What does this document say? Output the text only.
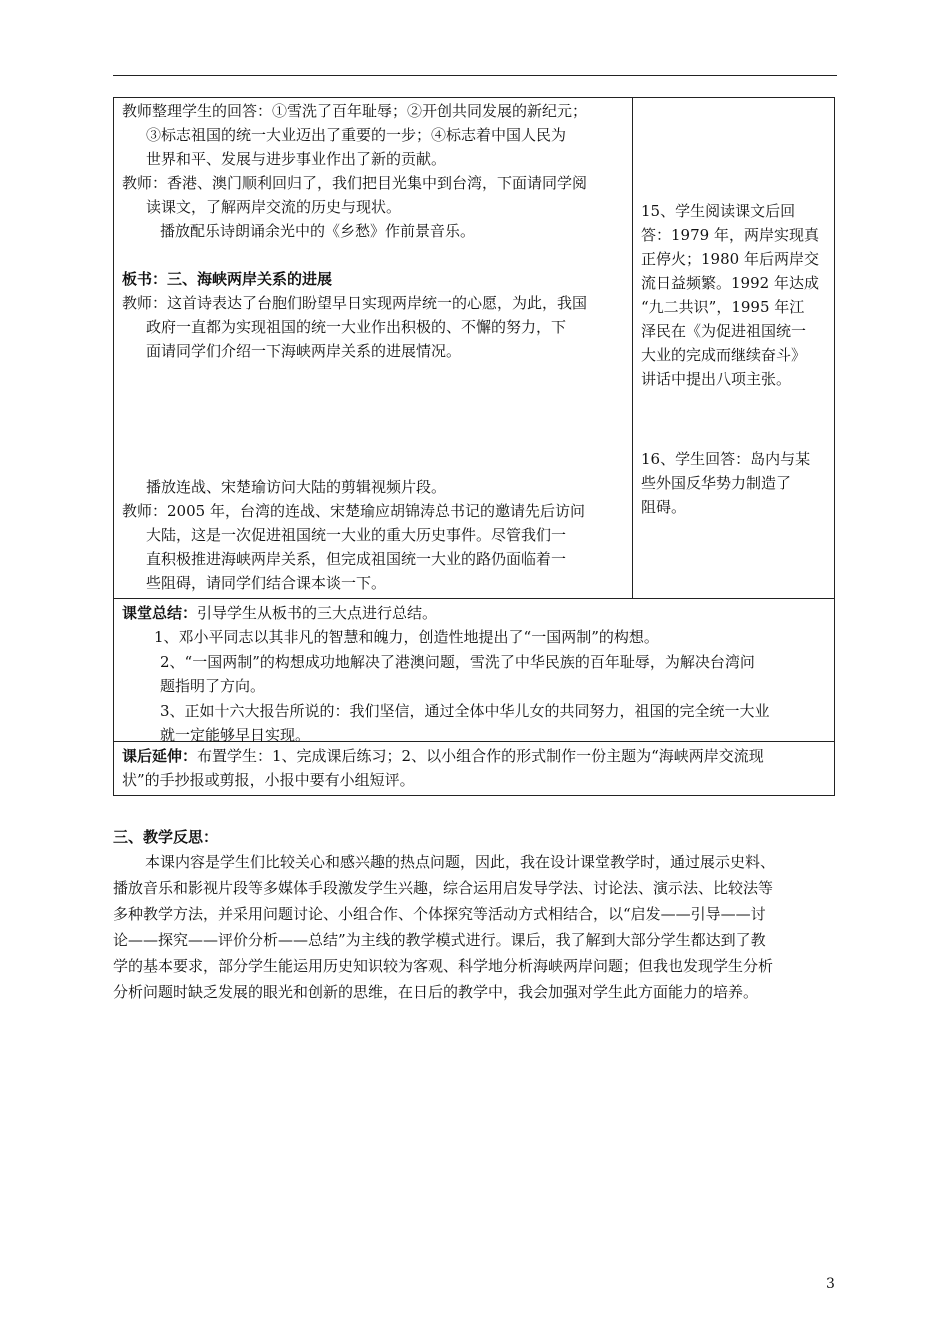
教师整理学生的回答：①雪洗了百年耻辱；②开创共同发展的新纪元；
③标志祖国的统一大业迈出了重要的一步；④标志着中国人民为
世界和平、发展与进步事业作出了新的贡献。
教师：香港、澳门顺利回归了，我们把目光集中到台湾，下面请同学阅
读课文，了解两岸交流的历史与现状。
播放配乐诗朗诵余光中的《乡愁》作前景音乐。
板书：三、海峡两岸关系的进展
教师：这首诗表达了台胞们盼望早日实现两岸统一的心愿，为此，我国
政府一直都为实现祖国的统一大业作出积极的、不懈的努力，下
面请同学们介绍一下海峡两岸关系的进展情况。
播放连战、宋楚瑜访问大陆的剪辑视频片段。
教师：2005 年，台湾的连战、宋楚瑜应胡锦涛总书记的邀请先后访问
大陆，这是一次促进祖国统一大业的重大历史事件。尽管我们一
直积极推进海峡两岸关系，但完成祖国统一大业的路仍面临着一
些阻碍，请同学们结合课本谈一下。
15、学生阅读课文后回
答：1979 年，两岸实现真
正停火；1980 年后两岸交
流日益频繁。1992 年达成
“九二共识”，1995 年江
泽民在《为促进祖国统一
大业的完成而继续奋斗》
讲话中提出八项主张。
16、学生回答：岛内与某
些外国反华势力制造了
阻碍。
课堂总结：引导学生从板书的三大点进行总结。
1、邓小平同志以其非凡的智慧和魄力，创造性地提出了“一国两制”的构想。
2、“一国两制”的构想成功地解决了港澳问题，雪洗了中华民族的百年耻辱，为解决台湾问
题指明了方向。
3、正如十六大报告所说的：我们坚信，通过全体中华儿女的共同努力，祖国的完全统一大业
就一定能够早日实现。
课后延伸：布置学生：1、完成课后练习；2、以小组合作的形式制作一份主题为“海峡两岸交流现
状”的手抄报或剪报，小报中要有小组短评。
三、教学反思：
本课内容是学生们比较关心和感兴趣的热点问题，因此，我在设计课堂教学时，通过展示史料、
播放音乐和影视片段等多媒体手段激发学生兴趣，综合运用启发导学法、讨论法、演示法、比较法等
多种教学方法，并采用问题讨论、小组合作、个体探究等活动方式相结合，以“启发——引导——讨
论——探究——评价分析——总结”为主线的教学模式进行。课后，我了解到大部分学生都达到了教
学的基本要求，部分学生能运用历史知识较为客观、科学地分析海峡两岸问题；但我也发现学生分析
分析问题时缺乏发展的眼光和创新的思维，在日后的教学中，我会加强对学生此方面能力的培养。
3
